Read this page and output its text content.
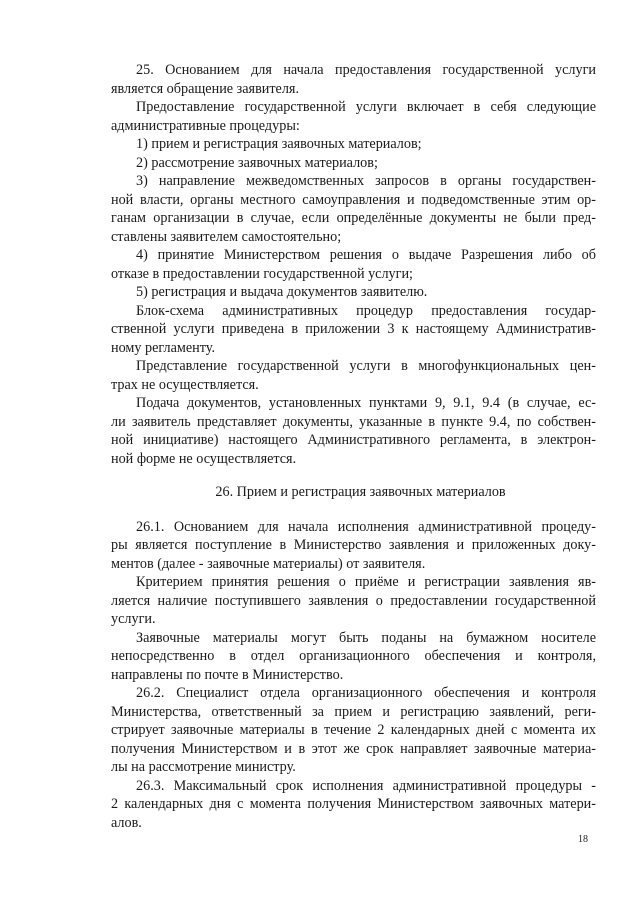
25. Основанием для начала предоставления государственной услуги
является обращение заявителя.
Предоставление государственной услуги включает в себя следующие
административные процедуры:
1) прием и регистрация заявочных материалов;
2) рассмотрение заявочных материалов;
3) направление межведомственных запросов в органы государствен-
ной власти, органы местного самоуправления и подведомственные этим ор-
ганам организации в случае, если определённые документы не были пред-
ставлены заявителем самостоятельно;
4) принятие Министерством решения о выдаче Разрешения либо об
отказе в предоставлении государственной услуги;
5) регистрация и выдача документов заявителю.
Блок-схема административных процедур предоставления государ-
ственной услуги приведена в приложении 3 к настоящему Административ-
ному регламенту.
Представление государственной услуги в многофункциональных цен-
трах не осуществляется.
Подача документов, установленных пунктами 9, 9.1, 9.4 (в случае, ес-
ли заявитель представляет документы, указанные в пункте 9.4, по собствен-
ной инициативе) настоящего Административного регламента, в электрон-
ной форме не осуществляется.
26. Прием и регистрация заявочных материалов
26.1. Основанием для начала исполнения административной процеду-
ры является поступление в Министерство заявления и приложенных доку-
ментов (далее - заявочные материалы) от заявителя.
Критерием принятия решения о приёме и регистрации заявления яв-
ляется наличие поступившего заявления о предоставлении государственной
услуги.
Заявочные материалы могут быть поданы на бумажном носителе
непосредственно в отдел организационного обеспечения и контроля,
направлены по почте в Министерство.
26.2. Специалист отдела организационного обеспечения и контроля
Министерства, ответственный за прием и регистрацию заявлений, реги-
стрирует заявочные материалы в течение 2 календарных дней с момента их
получения Министерством и в этот же срок направляет заявочные материа-
лы на рассмотрение министру.
26.3. Максимальный срок исполнения административной процедуры -
2 календарных дня с момента получения Министерством заявочных матери-
алов.
18
